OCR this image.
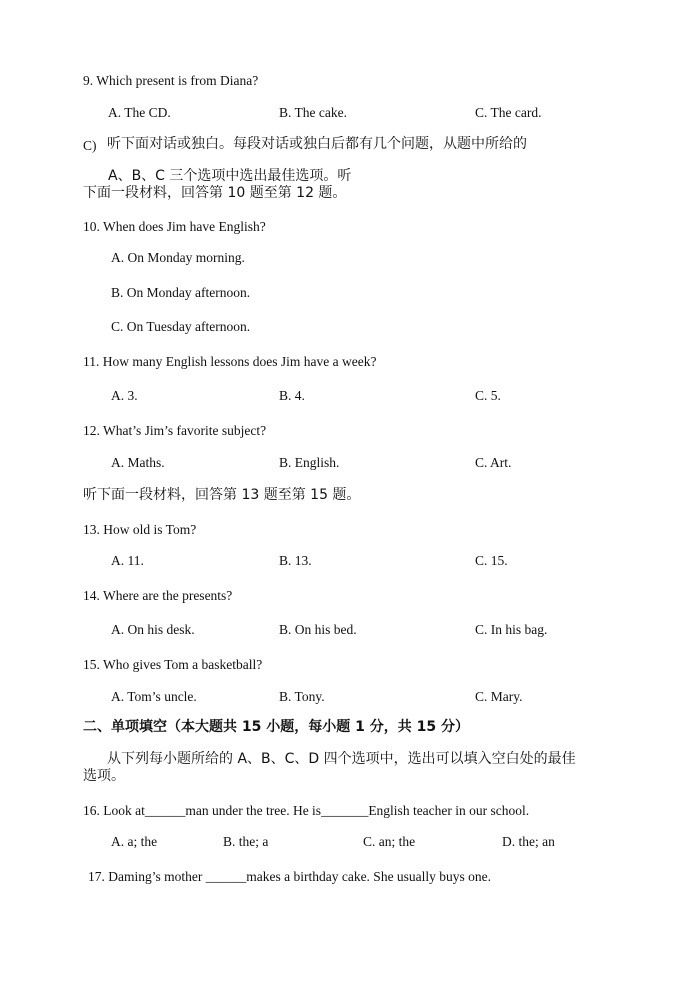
9. Which present is from Diana?
A. The CD.	B. The cake.	C. The card.
C) 听下面对话或独白。每段对话或独白后都有几个问题，从题中所给的
A、B、C 三个选项中选出最佳选项。听
下面一段材料，回答第 10 题至第 12 题。
10. When does Jim have English?
A. On Monday morning.
B. On Monday afternoon.
C. On Tuesday afternoon.
11. How many English lessons does Jim have a week?
A. 3.	B. 4.	C. 5.
12. What’s Jim’s favorite subject?
A. Maths.	B. English.	C. Art.
听下面一段材料，回答第 13 题至第 15 题。
13. How old is Tom?
A. 11.	B. 13.	C. 15.
14. Where are the presents?
A. On his desk.	B. On his bed.	C. In his bag.
15. Who gives Tom a basketball?
A. Tom’s uncle.	B. Tony.	C. Mary.
二、单项填空（本大题共 15 小题，每小题 1 分，共 15 分）
从下列每小题所给的 A、B、C、D 四个选项中，选出可以填入空白处的最佳
选项。
16. Look at______man under the tree. He is_______English teacher in our school.
A. a; the	B. the; a	C. an; the	D. the; an
17. Daming’s mother ______makes a birthday cake. She usually buys one.
